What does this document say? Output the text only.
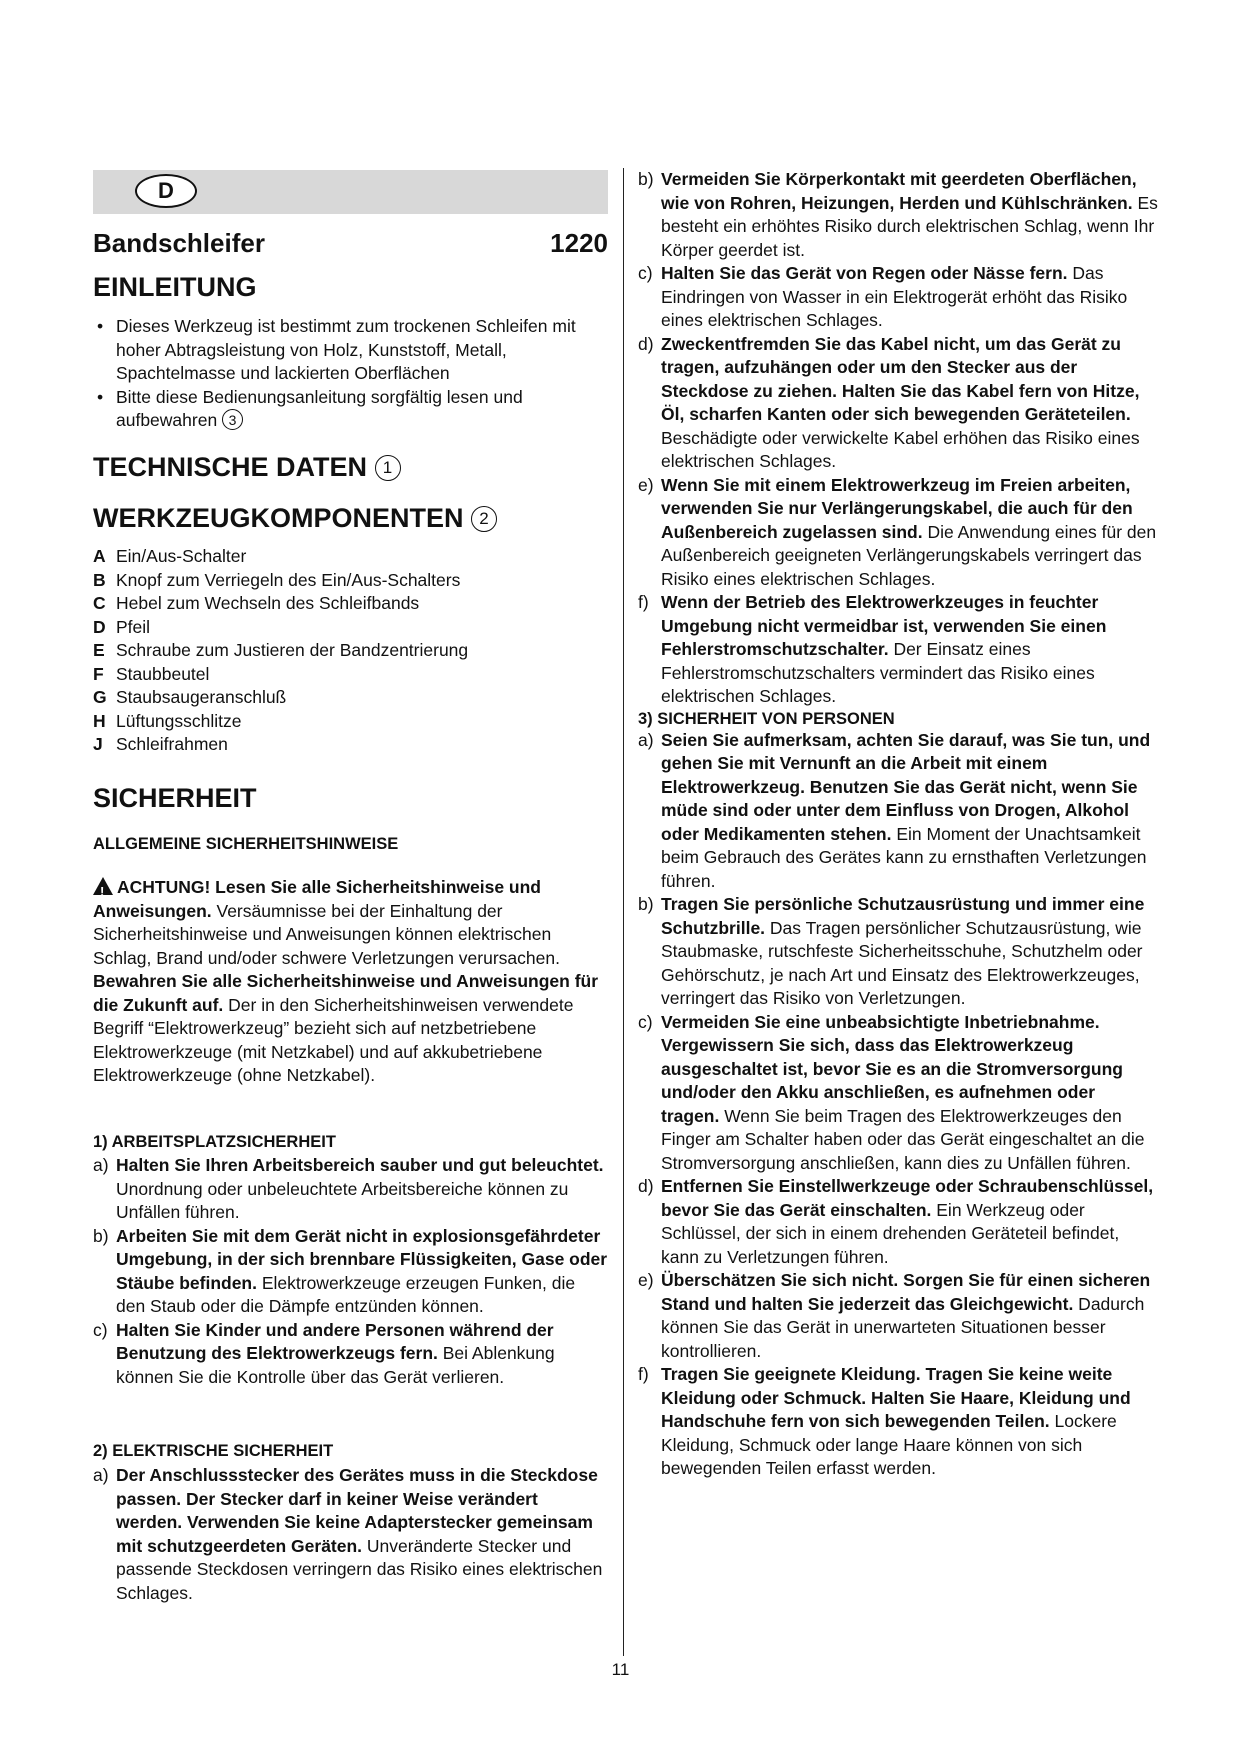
D
Bandschleifer	1220
EINLEITUNG
• Dieses Werkzeug ist bestimmt zum trockenen Schleifen mit hoher Abtragsleistung von Holz, Kunststoff, Metall, Spachtelmasse und lackierten Oberflächen
• Bitte diese Bedienungsanleitung sorgfältig lesen und aufbewahren 3
TECHNISCHE DATEN 1
WERKZEUGKOMPONENTEN 2
A Ein/Aus-Schalter
B Knopf zum Verriegeln des Ein/Aus-Schalters
C Hebel zum Wechseln des Schleifbands
D Pfeil
E Schraube zum Justieren der Bandzentrierung
F Staubbeutel
G Staubsaugeranschluß
H Lüftungsschlitze
J Schleifrahmen
SICHERHEIT
ALLGEMEINE SICHERHEITSHINWEISE

!ACHTUNG! Lesen Sie alle Sicherheitshinweise und Anweisungen. Versäumnisse bei der Einhaltung der Sicherheitshinweise und Anweisungen können elektrischen Schlag, Brand und/oder schwere Verletzungen verursachen. Bewahren Sie alle Sicherheitshinweise und Anweisungen für die Zukunft auf. Der in den Sicherheitshinweisen verwendete Begriff “Elektrowerkzeug” bezieht sich auf netzbetriebene Elektrowerkzeuge (mit Netzkabel) und auf akkubetriebene Elektrowerkzeuge (ohne Netzkabel).

1) ARBEITSPLATZSICHERHEIT
a) Halten Sie Ihren Arbeitsbereich sauber und gut beleuchtet. Unordnung oder unbeleuchtete Arbeitsbereiche können zu Unfällen führen.
b) Arbeiten Sie mit dem Gerät nicht in explosionsgefährdeter Umgebung, in der sich brennbare Flüssigkeiten, Gase oder Stäube befinden. Elektrowerkzeuge erzeugen Funken, die den Staub oder die Dämpfe entzünden können.
c) Halten Sie Kinder und andere Personen während der Benutzung des Elektrowerkzeugs fern. Bei Ablenkung können Sie die Kontrolle über das Gerät verlieren.
2) ELEKTRISCHE SICHERHEIT
a) Der Anschlussstecker des Gerätes muss in die Steckdose passen. Der Stecker darf in keiner Weise verändert werden. Verwenden Sie keine Adapterstecker gemeinsam mit schutzgeerdeten Geräten. Unveränderte Stecker und passende Steckdosen verringern das Risiko eines elektrischen Schlages.
b) Vermeiden Sie Körperkontakt mit geerdeten Oberflächen, wie von Rohren, Heizungen, Herden und Kühlschränken. Es besteht ein erhöhtes Risiko durch elektrischen Schlag, wenn Ihr Körper geerdet ist.
c) Halten Sie das Gerät von Regen oder Nässe fern. Das Eindringen von Wasser in ein Elektrogerät erhöht das Risiko eines elektrischen Schlages.
d) Zweckentfremden Sie das Kabel nicht, um das Gerät zu tragen, aufzuhängen oder um den Stecker aus der Steckdose zu ziehen. Halten Sie das Kabel fern von Hitze, Öl, scharfen Kanten oder sich bewegenden Geräteteilen. Beschädigte oder verwickelte Kabel erhöhen das Risiko eines elektrischen Schlages.
e) Wenn Sie mit einem Elektrowerkzeug im Freien arbeiten, verwenden Sie nur Verlängerungskabel, die auch für den Außenbereich zugelassen sind. Die Anwendung eines für den Außenbereich geeigneten Verlängerungskabels verringert das Risiko eines elektrischen Schlages.
f) Wenn der Betrieb des Elektrowerkzeuges in feuchter Umgebung nicht vermeidbar ist, verwenden Sie einen Fehlerstromschutzschalter. Der Einsatz eines Fehlerstromschutzschalters vermindert das Risiko eines elektrischen Schlages.
3) SICHERHEIT VON PERSONEN
a) Seien Sie aufmerksam, achten Sie darauf, was Sie tun, und gehen Sie mit Vernunft an die Arbeit mit einem Elektrowerkzeug. Benutzen Sie das Gerät nicht, wenn Sie müde sind oder unter dem Einfluss von Drogen, Alkohol oder Medikamenten stehen. Ein Moment der Unachtsamkeit beim Gebrauch des Gerätes kann zu ernsthaften Verletzungen führen.
b) Tragen Sie persönliche Schutzausrüstung und immer eine Schutzbrille. Das Tragen persönlicher Schutzausrüstung, wie Staubmaske, rutschfeste Sicherheitsschuhe, Schutzhelm oder Gehörschutz, je nach Art und Einsatz des Elektrowerkzeuges, verringert das Risiko von Verletzungen.
c) Vermeiden Sie eine unbeabsichtigte Inbetriebnahme. Vergewissern Sie sich, dass das Elektrowerkzeug ausgeschaltet ist, bevor Sie es an die Stromversorgung und/oder den Akku anschließen, es aufnehmen oder tragen. Wenn Sie beim Tragen des Elektrowerkzeuges den Finger am Schalter haben oder das Gerät eingeschaltet an die Stromversorgung anschließen, kann dies zu Unfällen führen.
d) Entfernen Sie Einstellwerkzeuge oder Schraubenschlüssel, bevor Sie das Gerät einschalten. Ein Werkzeug oder Schlüssel, der sich in einem drehenden Geräteteil befindet, kann zu Verletzungen führen.
e) Überschätzen Sie sich nicht. Sorgen Sie für einen sicheren Stand und halten Sie jederzeit das Gleichgewicht. Dadurch können Sie das Gerät in unerwarteten Situationen besser kontrollieren.
f) Tragen Sie geeignete Kleidung. Tragen Sie keine weite Kleidung oder Schmuck. Halten Sie Haare, Kleidung und Handschuhe fern von sich bewegenden Teilen. Lockere Kleidung, Schmuck oder lange Haare können von sich bewegenden Teilen erfasst werden.
11
